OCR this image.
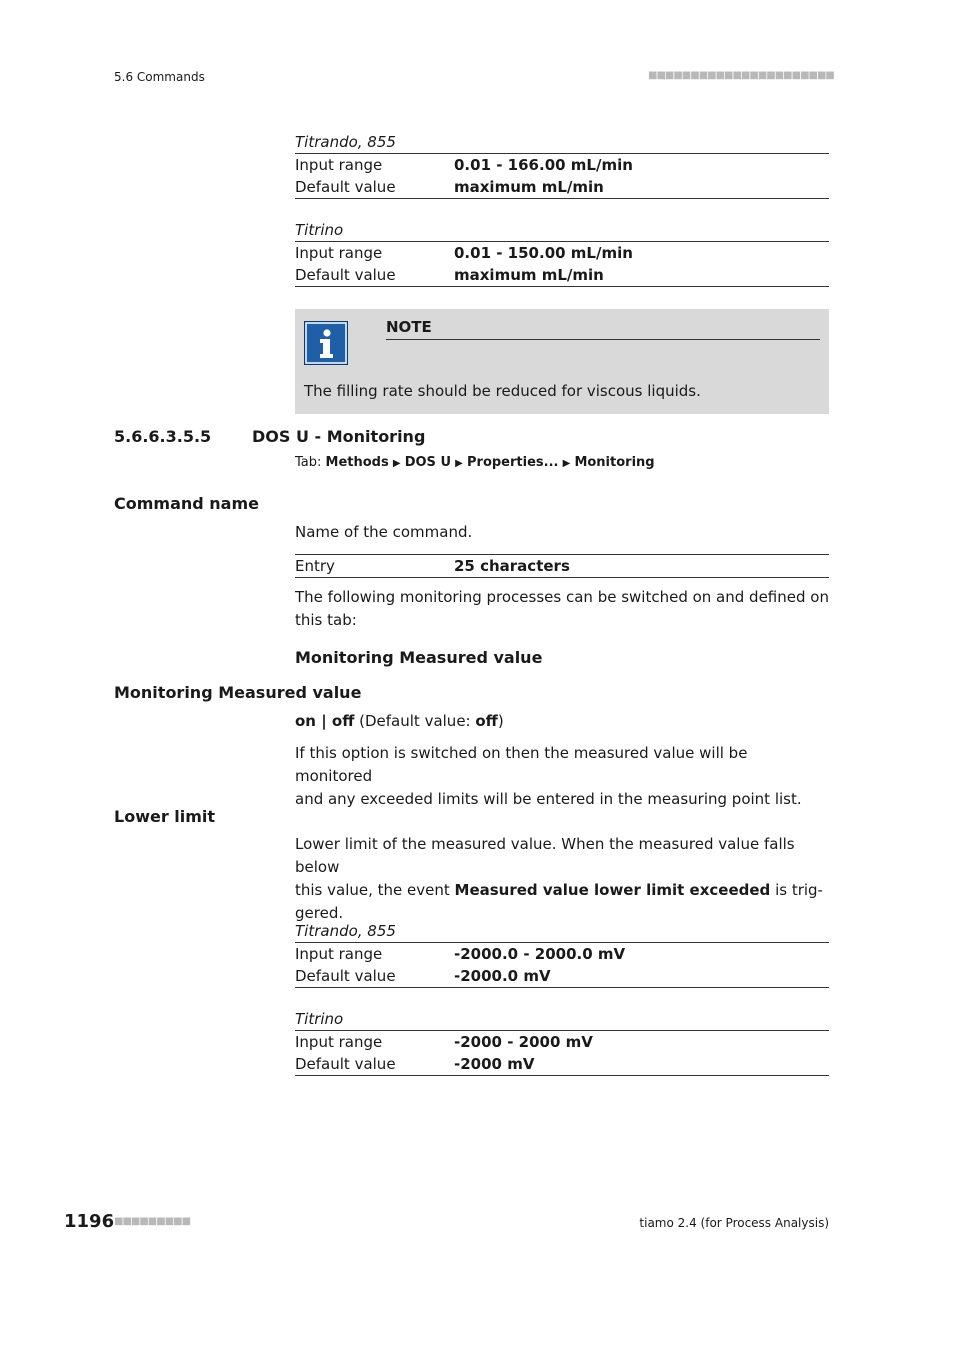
5.6 Commands	■■■■■■■■■■■■■■■■■■■■■■
Titrando, 855
Input range	0.01 - 166.00 mL/min
Default value	maximum mL/min
Titrino
Input range	0.01 - 150.00 mL/min
Default value	maximum mL/min
NOTE
The filling rate should be reduced for viscous liquids.
5.6.6.3.5.5	DOS U - Monitoring
Tab: Methods ▶ DOS U ▶ Properties... ▶ Monitoring
Command name
Name of the command.
Entry	25 characters
The following monitoring processes can be switched on and defined on
this tab:
Monitoring Measured value
Monitoring Measured value
on | off (Default value: off)
If this option is switched on then the measured value will be monitored
and any exceeded limits will be entered in the measuring point list.
Lower limit
Lower limit of the measured value. When the measured value falls below
this value, the event Measured value lower limit exceeded is trig-
gered.
Titrando, 855
Input range	-2000.0 - 2000.0 mV
Default value	-2000.0 mV
Titrino
Input range	-2000 - 2000 mV
Default value	-2000 mV
1196 ■■■■■■■■■	tiamo 2.4 (for Process Analysis)
